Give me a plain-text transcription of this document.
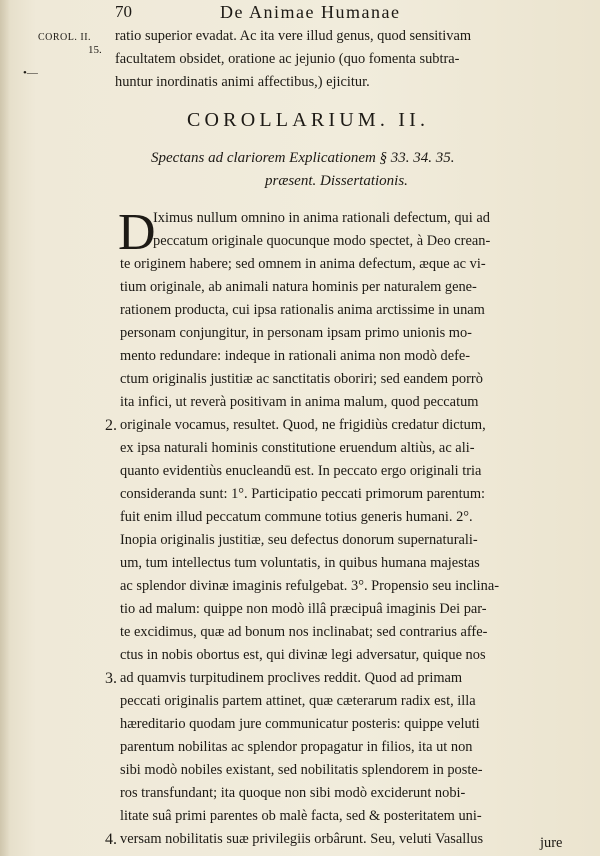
70	De Animae Humanae
COROL. II.
15.
•—
ratio superior evadat. Ac ita vere illud genus, quod sensitivam
facultatem obsidet, oratione ac jejunio (quo fomenta subtra-
huntur inordinatis animi affectibus,) ejicitur.
COROLLARIUM. II.
Spectans ad clariorem Explicationem § 33. 34. 35.
præsent. Dissertationis.
D
Iximus nullum omnino in anima rationali defectum, qui ad
peccatum originale quocunque modo spectet, à Deo crean-
te originem habere; sed omnem in anima defectum, æque ac vi-
tium originale, ab animali natura hominis per naturalem gene-
rationem producta, cui ipsa rationalis anima arctissime in unam
personam conjungitur, in personam ipsam primo unionis mo-
mento redundare: indeque in rationali anima non modò defe-
ctum originalis justitiæ ac sanctitatis oboriri; sed eandem porrò
ita infici, ut reverà positivam in anima malum, quod peccatum
2. originale vocamus, resultet. Quod, ne frigidiùs credatur dictum,
ex ipsa naturali hominis constitutione eruendum altiùs, ac ali-
quanto evidentiùs enucleandū est. In peccato ergo originali tria
consideranda sunt: 1°. Participatio peccati primorum parentum:
fuit enim illud peccatum commune totius generis humani. 2°.
Inopia originalis justitiæ, seu defectus donorum supernaturali-
um, tum intellectus tum voluntatis, in quibus humana majestas
ac splendor divinæ imaginis refulgebat. 3°. Propensio seu inclina-
tio ad malum: quippe non modò illâ præcipuâ imaginis Dei par-
te excidimus, quæ ad bonum nos inclinabat; sed contrarius affe-
ctus in nobis obortus est, qui divinæ legi adversatur, quique nos
3. ad quamvis turpitudinem proclives reddit. Quod ad primam
peccati originalis partem attinet, quæ cæterarum radix est, illa
hæreditario quodam jure communicatur posteris: quippe veluti
parentum nobilitas ac splendor propagatur in filios, ita ut non
sibi modò nobiles existant, sed nobilitatis splendorem in poste-
ros transfundant; ita quoque non sibi modò exciderunt nobi-
litate suâ primi parentes ob malè facta, sed & posteritatem uni-
4. versam nobilitatis suæ privilegiis orbârunt. Seu, veluti Vasallus	jure
